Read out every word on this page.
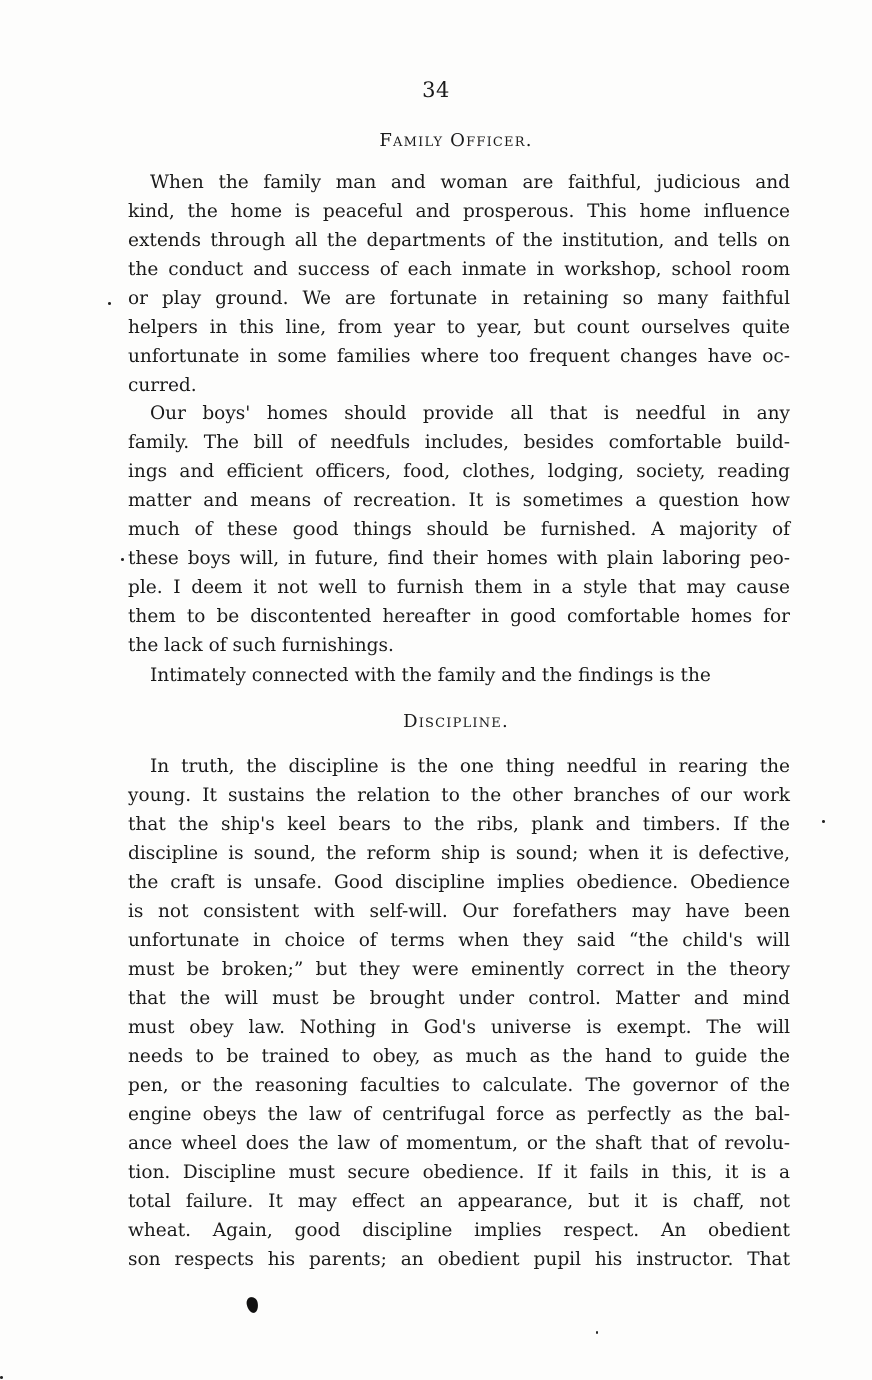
34
Family Officer.
When the family man and woman are faithful, judicious and
kind, the home is peaceful and prosperous. This home influence
extends through all the departments of the institution, and tells on
the conduct and success of each inmate in workshop, school room
or play ground. We are fortunate in retaining so many faithful
helpers in this line, from year to year, but count ourselves quite
unfortunate in some families where too frequent changes have oc-
curred.
Our boys' homes should provide all that is needful in any
family. The bill of needfuls includes, besides comfortable build-
ings and efficient officers, food, clothes, lodging, society, reading
matter and means of recreation. It is sometimes a question how
much of these good things should be furnished. A majority of
these boys will, in future, find their homes with plain laboring peo-
ple. I deem it not well to furnish them in a style that may cause
them to be discontented hereafter in good comfortable homes for
the lack of such furnishings.
Intimately connected with the family and the findings is the
Discipline.
In truth, the discipline is the one thing needful in rearing the
young. It sustains the relation to the other branches of our work
that the ship's keel bears to the ribs, plank and timbers. If the
discipline is sound, the reform ship is sound; when it is defective,
the craft is unsafe. Good discipline implies obedience. Obedience
is not consistent with self-will. Our forefathers may have been
unfortunate in choice of terms when they said “the child's will
must be broken;” but they were eminently correct in the theory
that the will must be brought under control. Matter and mind
must obey law. Nothing in God's universe is exempt. The will
needs to be trained to obey, as much as the hand to guide the
pen, or the reasoning faculties to calculate. The governor of the
engine obeys the law of centrifugal force as perfectly as the bal-
ance wheel does the law of momentum, or the shaft that of revolu-
tion. Discipline must secure obedience. If it fails in this, it is a
total failure. It may effect an appearance, but it is chaff, not
wheat. Again, good discipline implies respect. An obedient
son respects his parents; an obedient pupil his instructor. That
